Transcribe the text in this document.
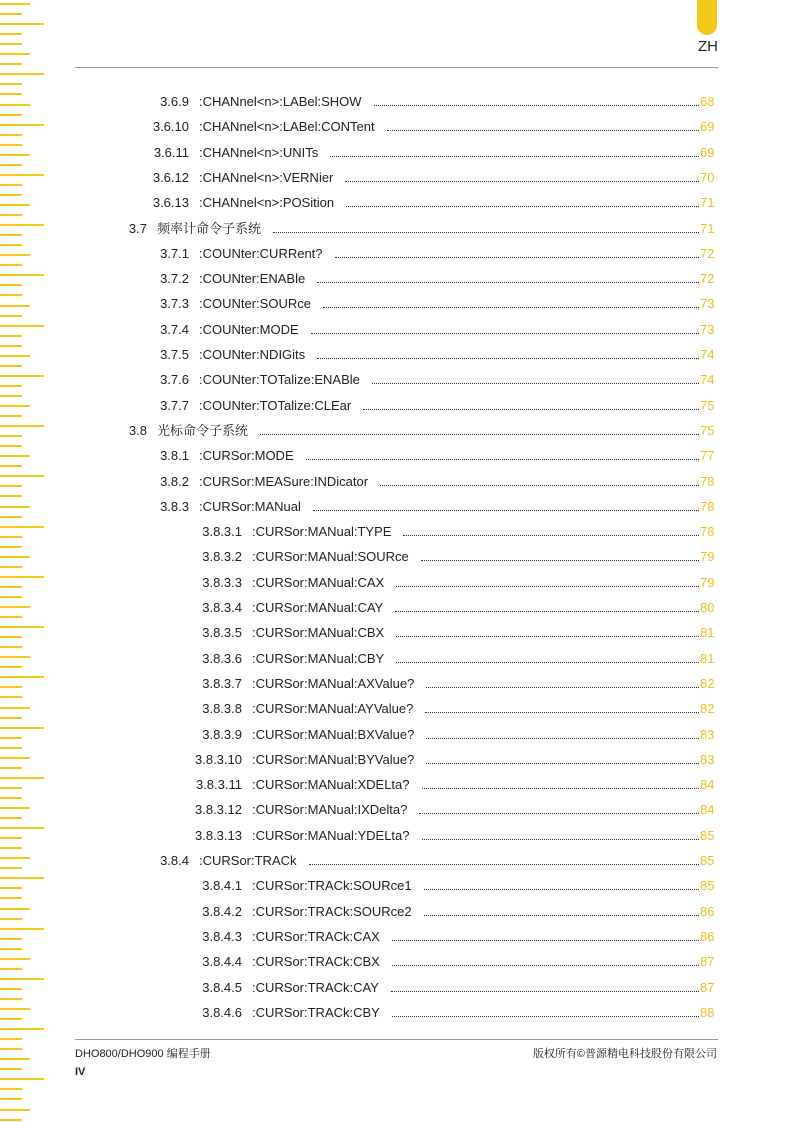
ZH
3.6.9 :CHANnel<n>:LABel:SHOW	68
3.6.10 :CHANnel<n>:LABel:CONTent	69
3.6.11 :CHANnel<n>:UNITs	69
3.6.12 :CHANnel<n>:VERNier	70
3.6.13 :CHANnel<n>:POSition	71
3.7 频率计命令子系统	71
3.7.1 :COUNter:CURRent?	72
3.7.2 :COUNter:ENABle	72
3.7.3 :COUNter:SOURce	73
3.7.4 :COUNter:MODE	73
3.7.5 :COUNter:NDIGits	74
3.7.6 :COUNter:TOTalize:ENABle	74
3.7.7 :COUNter:TOTalize:CLEar	75
3.8 光标命令子系统	75
3.8.1 :CURSor:MODE	77
3.8.2 :CURSor:MEASure:INDicator	78
3.8.3 :CURSor:MANual	78
3.8.3.1 :CURSor:MANual:TYPE	78
3.8.3.2 :CURSor:MANual:SOURce	79
3.8.3.3 :CURSor:MANual:CAX	79
3.8.3.4 :CURSor:MANual:CAY	80
3.8.3.5 :CURSor:MANual:CBX	81
3.8.3.6 :CURSor:MANual:CBY	81
3.8.3.7 :CURSor:MANual:AXValue?	82
3.8.3.8 :CURSor:MANual:AYValue?	82
3.8.3.9 :CURSor:MANual:BXValue?	83
3.8.3.10 :CURSor:MANual:BYValue?	83
3.8.3.11 :CURSor:MANual:XDELta?	84
3.8.3.12 :CURSor:MANual:IXDelta?	84
3.8.3.13 :CURSor:MANual:YDELta?	85
3.8.4 :CURSor:TRACk	85
3.8.4.1 :CURSor:TRACk:SOURce1	85
3.8.4.2 :CURSor:TRACk:SOURce2	86
3.8.4.3 :CURSor:TRACk:CAX	86
3.8.4.4 :CURSor:TRACk:CBX	87
3.8.4.5 :CURSor:TRACk:CAY	87
3.8.4.6 :CURSor:TRACk:CBY	88
DHO800/DHO900 编程手册	版权所有©普源精电科技股份有限公司
IV
